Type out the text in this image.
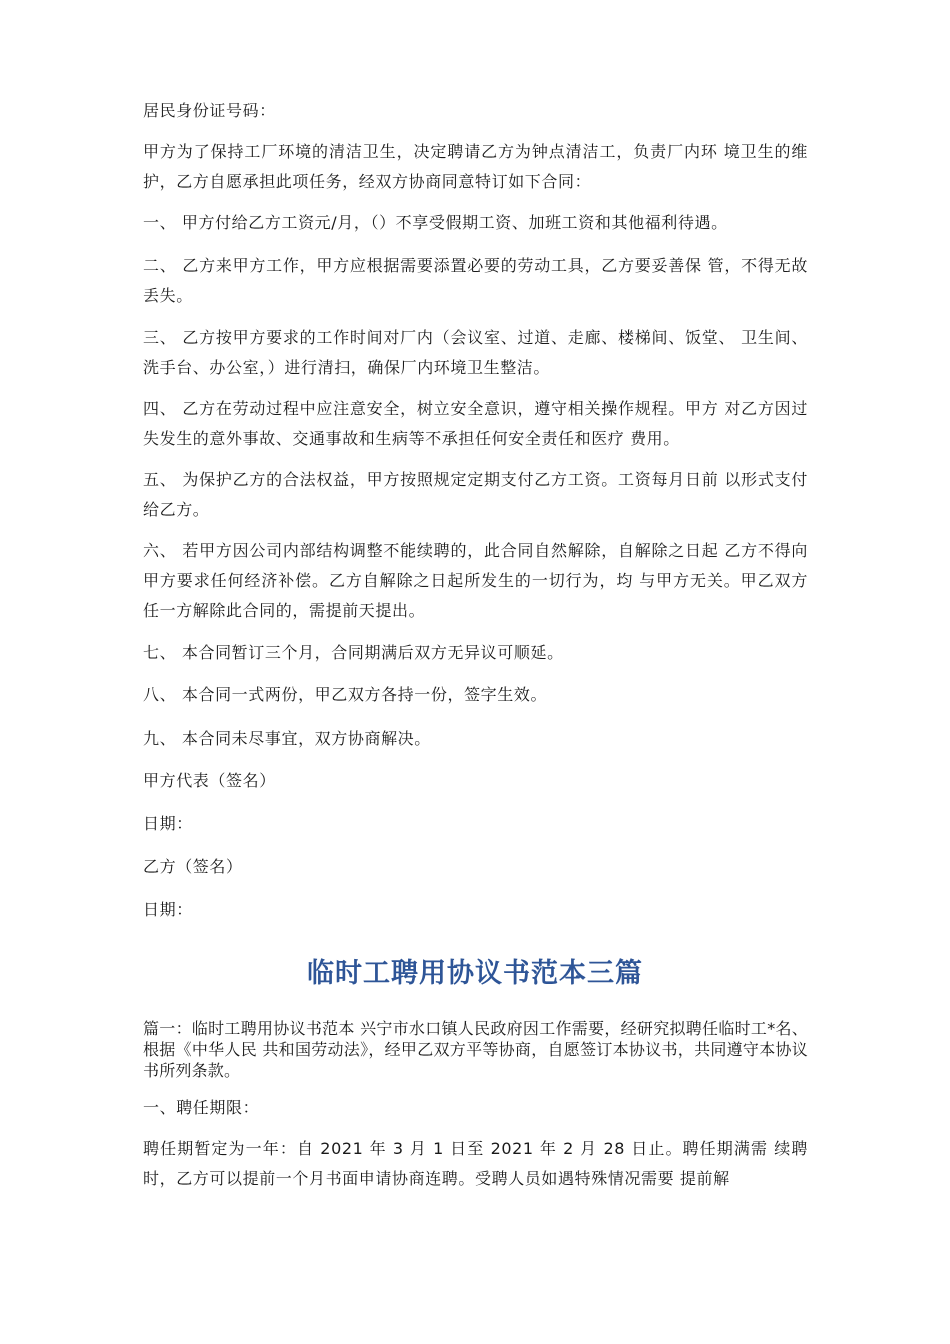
居民身份证号码：
甲方为了保持工厂环境的清洁卫生，决定聘请乙方为钟点清洁工，负责厂内环 境卫生的维护，乙方自愿承担此项任务，经双方协商同意特订如下合同：
一、 甲方付给乙方工资元/月，（）不享受假期工资、加班工资和其他福利待遇。
二、 乙方来甲方工作，甲方应根据需要添置必要的劳动工具，乙方要妥善保 管，不得无故丢失。
三、 乙方按甲方要求的工作时间对厂内（会议室、过道、走廊、楼梯间、饭堂、 卫生间、洗手台、办公室，）进行清扫，确保厂内环境卫生整洁。
四、 乙方在劳动过程中应注意安全，树立安全意识，遵守相关操作规程。甲方 对乙方因过失发生的意外事故、交通事故和生病等不承担任何安全责任和医疗 费用。
五、 为保护乙方的合法权益，甲方按照规定定期支付乙方工资。工资每月日前 以形式支付给乙方。
六、 若甲方因公司内部结构调整不能续聘的，此合同自然解除，自解除之日起 乙方不得向甲方要求任何经济补偿。乙方自解除之日起所发生的一切行为，均 与甲方无关。甲乙双方任一方解除此合同的，需提前天提出。
七、 本合同暂订三个月，合同期满后双方无异议可顺延。
八、 本合同一式两份，甲乙双方各持一份，签字生效。
九、 本合同未尽事宜，双方协商解决。
甲方代表（签名）
日期：
乙方（签名）
日期：
临时工聘用协议书范本三篇
篇一：临时工聘用协议书范本 兴宁市水口镇人民政府因工作需要，经研究拟聘任临时工*名、根据《中华人民 共和国劳动法》，经甲乙双方平等协商，自愿签订本协议书，共同遵守本协议 书所列条款。
一、聘任期限：
聘任期暂定为一年：自 2021 年 3 月 1 日至 2021 年 2 月 28 日止。聘任期满需 续聘时，乙方可以提前一个月书面申请协商连聘。受聘人员如遇特殊情况需要 提前解
